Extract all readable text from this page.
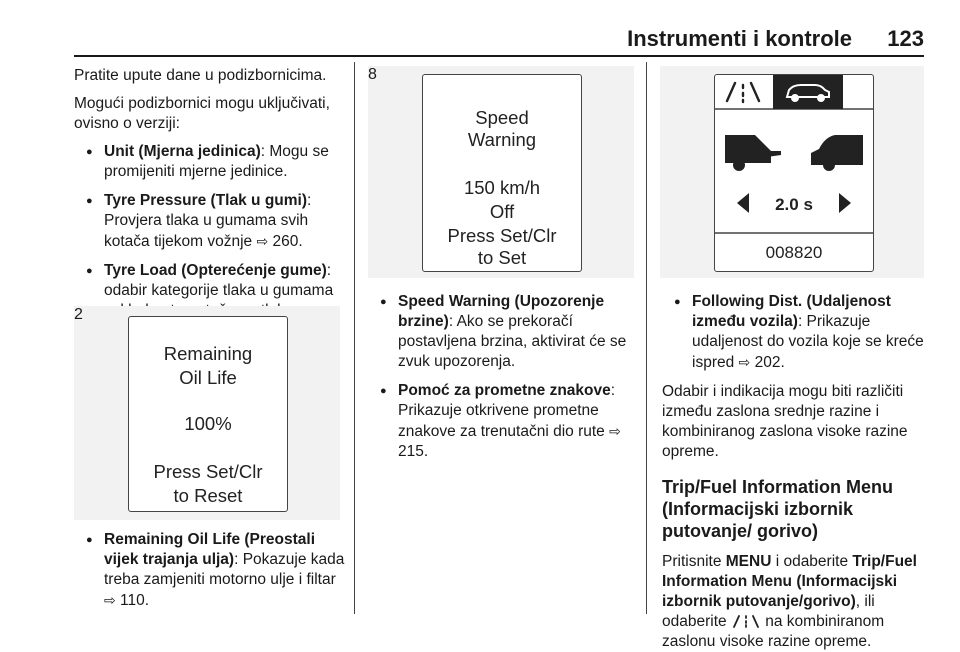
Instrumenti i kontrole 123

Pratite upute dane u podizbornicima.

Mogući podizbornici mogu uključivati, ovisno o verziji:

● Unit (Mjerna jedinica): Mogu se promijeniti mjerne jedinice.
● Tyre Pressure (Tlak u gumi): Provjera tlaka u gumama svih kotača tijekom vožnje ⇨ 260.
● Tyre Load (Opterećenje gume): odabir kategorije tlaka u gumama
Remaining
Oil Life
100%
Press Set/Clr
to Reset
2
● Remaining Oil Life (Preostali vijek trajanja ulja): Pokazuje kada treba zamjeniti motorno ulje i filtar ⇨ 110.
Speed
Warning
150 km/h
Off
Press Set/Clr
to Set
8
● Speed Warning (Upozorenje brzine): Ako se prekoračí postavljena brzina, aktivirat će se zvuk upozorenja.
● Pomoć za prometne znakove: Prikazuje otkrivene prometne znakove za trenutačni dio rute ⇨ 215.
2.0 s
008820
● Following Dist. (Udaljenost između vozila): Prikazuje udaljenost do vozila koje se kreće ispred ⇨ 202.

Odabir i indikacija mogu biti različiti između zaslona srednje razine i kombiniranog zaslona visoke razine opreme.

Trip/Fuel Information Menu (Informacijski izbornik putovanje/ gorivo)

Pritisnite MENU i odaberite Trip/Fuel Information Menu (Informacijski izbornik putovanje/gorivo), ili
odaberite  na kombiniranom zaslonu visoke razine opreme.
